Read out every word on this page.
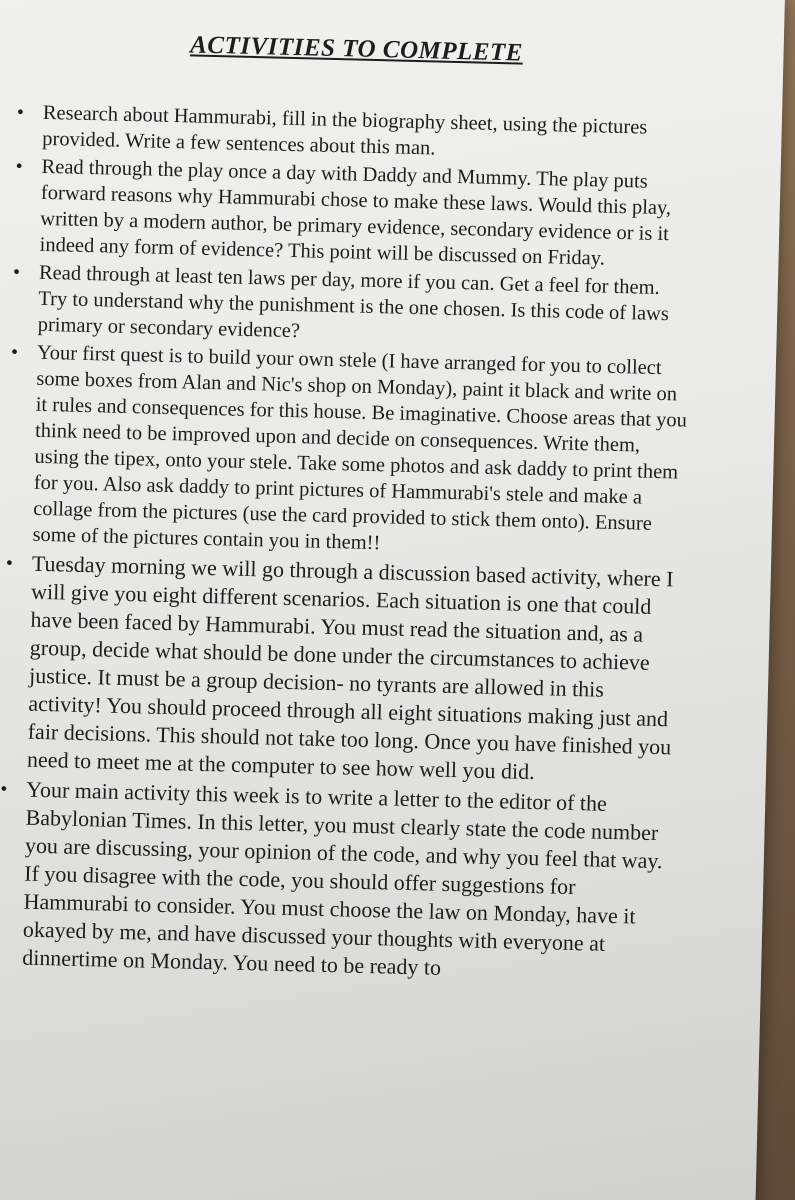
ACTIVITIES TO COMPLETE
• Research about Hammurabi, fill in the biography sheet, using the pictures provided. Write a few sentences about this man.
• Read through the play once a day with Daddy and Mummy. The play puts forward reasons why Hammurabi chose to make these laws. Would this play, written by a modern author, be primary evidence, secondary evidence or is it indeed any form of evidence? This point will be discussed on Friday.
• Read through at least ten laws per day, more if you can. Get a feel for them. Try to understand why the punishment is the one chosen. Is this code of laws primary or secondary evidence?
• Your first quest is to build your own stele (I have arranged for you to collect some boxes from Alan and Nic's shop on Monday), paint it black and write on it rules and consequences for this house. Be imaginative. Choose areas that you think need to be improved upon and decide on consequences. Write them, using the tipex, onto your stele. Take some photos and ask daddy to print them for you. Also ask daddy to print pictures of Hammurabi's stele and make a collage from the pictures (use the card provided to stick them onto). Ensure some of the pictures contain you in them!!
• Tuesday morning we will go through a discussion based activity, where I will give you eight different scenarios. Each situation is one that could have been faced by Hammurabi. You must read the situation and, as a group, decide what should be done under the circumstances to achieve justice. It must be a group decision- no tyrants are allowed in this activity! You should proceed through all eight situations making just and fair decisions. This should not take too long. Once you have finished you need to meet me at the computer to see how well you did.
• Your main activity this week is to write a letter to the editor of the Babylonian Times. In this letter, you must clearly state the code number you are discussing, your opinion of the code, and why you feel that way. If you disagree with the code, you should offer suggestions for Hammurabi to consider. You must choose the law on Monday, have it okayed by me, and have discussed your thoughts with everyone at dinnertime on Monday. You need to be ready to
